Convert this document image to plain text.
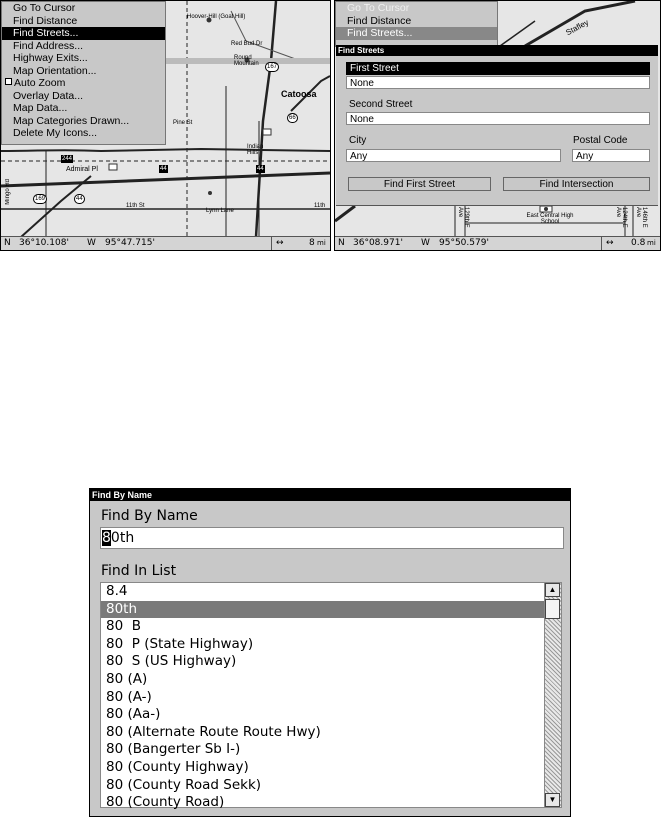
Hoover-Hill (Goat Hill)
Red Bud Dr
Round Mountain
Catoosa
Pine St
Indian Hills
Admiral Pl
11th St
Lynn Lane
11th
Mingo Rd
167
66
244
44	44
169	44
Go To Cursor
Find Distance
Find Streets...
Find Address...
Highway Exits...
Map Orientation...
Auto Zoom
Overlay Data...
Map Data...
Map Categories Drawn...
Delete My Icons...
N 36°10.108' W 95°47.715'	↔	8 mi
Stafley
East Central High School
129th E Ave	124th E Ave	146th E Ave
Go To Cursor
Find Distance
Find Streets...
Find Streets
First Street
None
Second Street
None
City
Any
Postal Code
Any
Find First Street	Find Intersection
N 36°08.971' W 95°50.579'	↔ 0.8 mi
Find By Name
Find By Name
80th
Find In List
8.4
80th
80  B
80  P (State Highway)
80  S (US Highway)
80 (A)
80 (A-)
80 (Aa-)
80 (Alternate Route Route Hwy)
80 (Bangerter Sb I-)
80 (County Highway)
80 (County Road Sekk)
80 (County Road)
▲
▼
